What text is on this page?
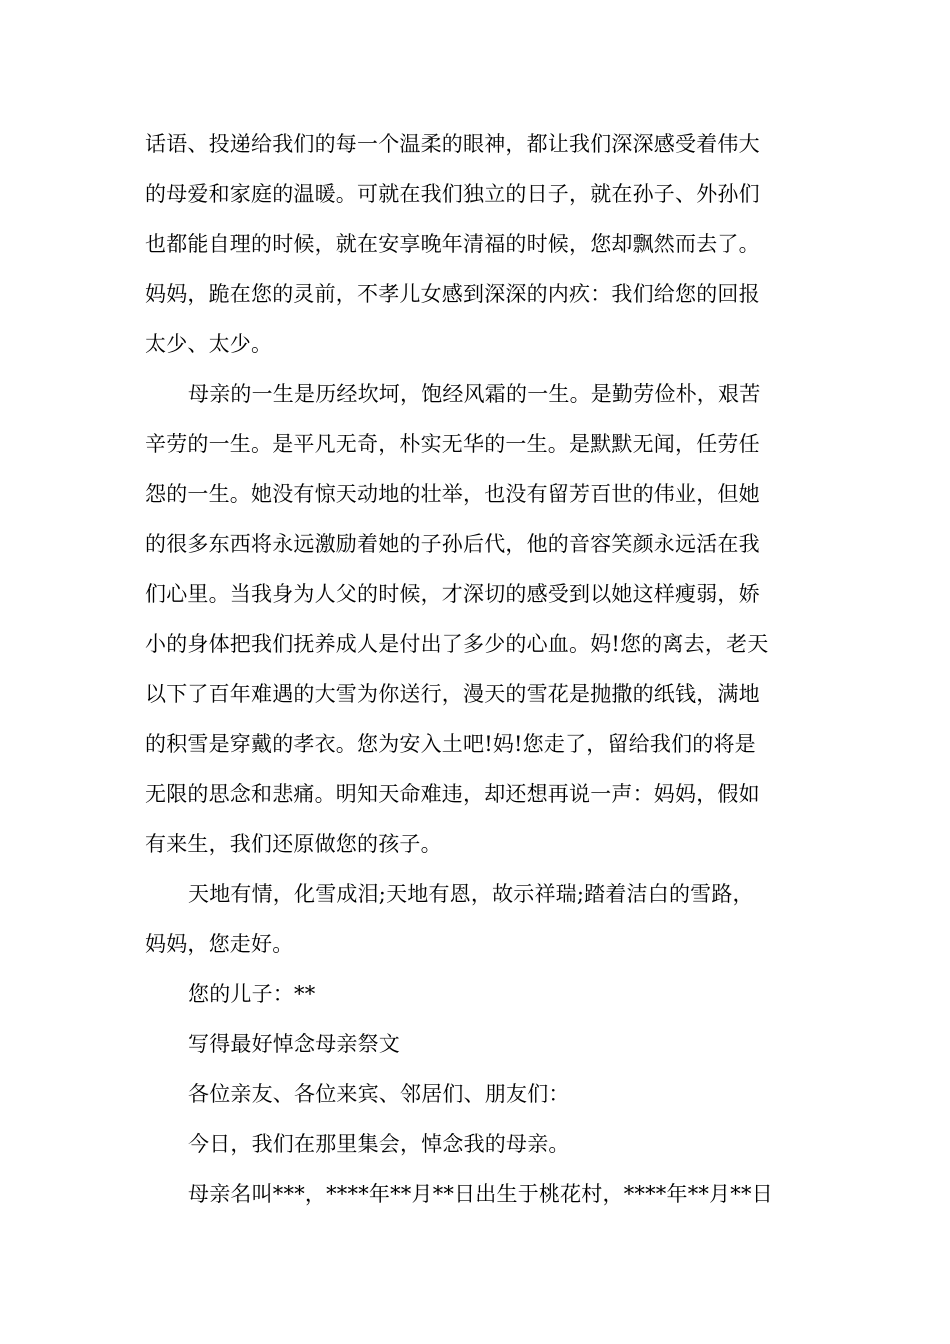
话语、投递给我们的每一个温柔的眼神，都让我们深深感受着伟大
的母爱和家庭的温暖。可就在我们独立的日子，就在孙子、外孙们
也都能自理的时候，就在安享晚年清福的时候，您却飘然而去了。
妈妈，跪在您的灵前，不孝儿女感到深深的内疚：我们给您的回报
太少、太少。
母亲的一生是历经坎坷，饱经风霜的一生。是勤劳俭朴，艰苦
辛劳的一生。是平凡无奇，朴实无华的一生。是默默无闻，任劳任
怨的一生。她没有惊天动地的壮举，也没有留芳百世的伟业，但她
的很多东西将永远激励着她的子孙后代，他的音容笑颜永远活在我
们心里。当我身为人父的时候，才深切的感受到以她这样瘦弱，娇
小的身体把我们抚养成人是付出了多少的心血。妈!您的离去，老天
以下了百年难遇的大雪为你送行，漫天的雪花是抛撒的纸钱，满地
的积雪是穿戴的孝衣。您为安入土吧!妈!您走了，留给我们的将是
无限的思念和悲痛。明知天命难违，却还想再说一声：妈妈，假如
有来生，我们还原做您的孩子。
天地有情，化雪成泪;天地有恩，故示祥瑞;踏着洁白的雪路，
妈妈，您走好。
您的儿子：**
写得最好悼念母亲祭文
各位亲友、各位来宾、邻居们、朋友们：
今日，我们在那里集会，悼念我的母亲。
母亲名叫***，****年**月**日出生于桃花村，****年**月**日
